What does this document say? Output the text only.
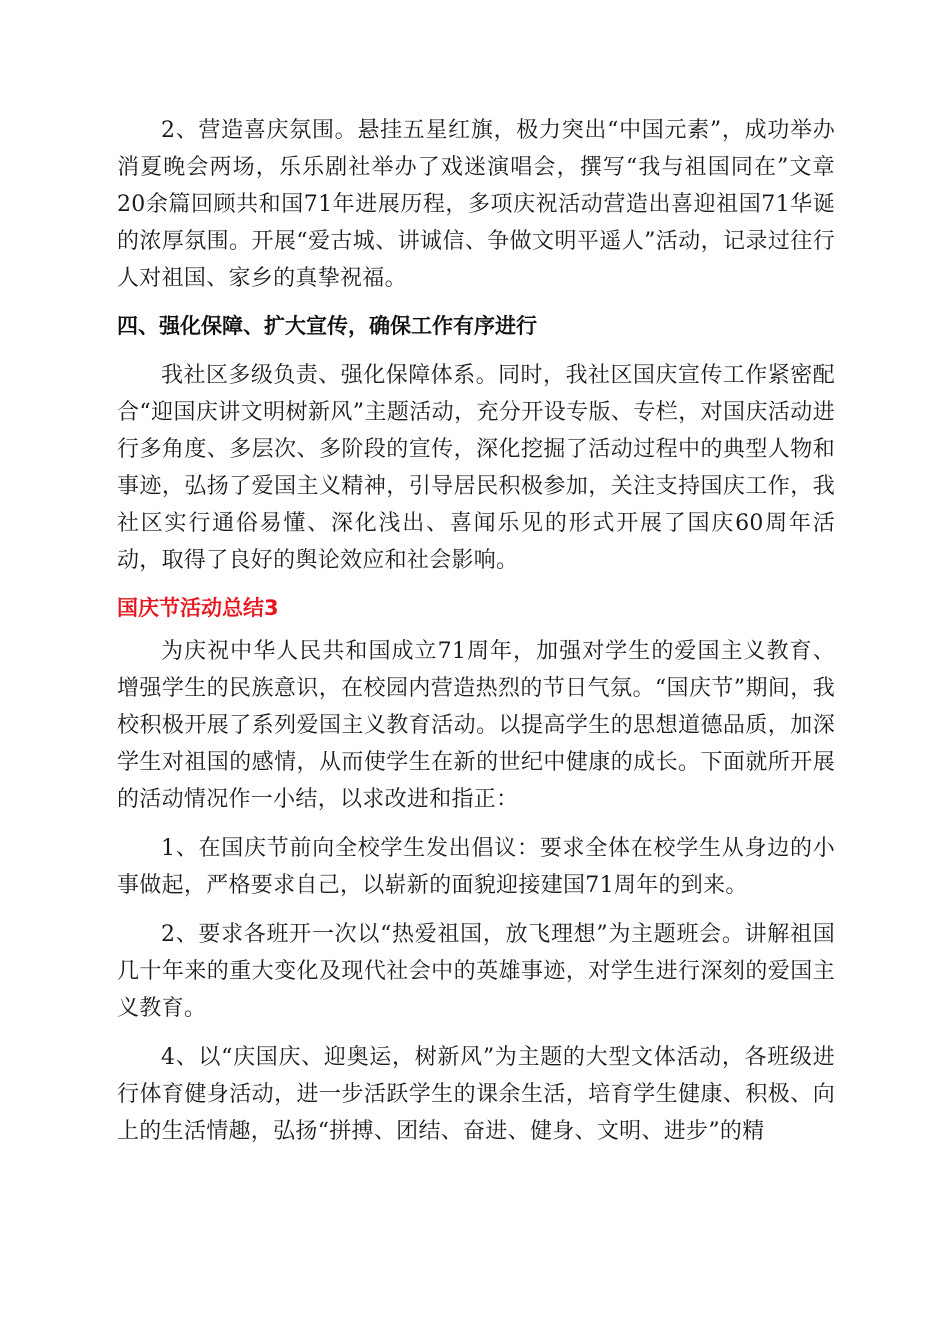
2、营造喜庆氛围。悬挂五星红旗，极力突出“中国元素”，成功举办消夏晚会两场，乐乐剧社举办了戏迷演唱会，撰写“我与祖国同在”文章20余篇回顾共和国71年进展历程，多项庆祝活动营造出喜迎祖国71华诞的浓厚氛围。开展“爱古城、讲诚信、争做文明平遥人”活动，记录过往行人对祖国、家乡的真挚祝福。

四、强化保障、扩大宣传，确保工作有序进行

我社区多级负责、强化保障体系。同时，我社区国庆宣传工作紧密配合“迎国庆讲文明树新风”主题活动，充分开设专版、专栏，对国庆活动进行多角度、多层次、多阶段的宣传，深化挖掘了活动过程中的典型人物和事迹，弘扬了爱国主义精神，引导居民积极参加，关注支持国庆工作，我社区实行通俗易懂、深化浅出、喜闻乐见的形式开展了国庆60周年活动，取得了良好的舆论效应和社会影响。

国庆节活动总结3

为庆祝中华人民共和国成立71周年，加强对学生的爱国主义教育、增强学生的民族意识，在校园内营造热烈的节日气氛。“国庆节”期间，我校积极开展了系列爱国主义教育活动。以提高学生的思想道德品质，加深学生对祖国的感情，从而使学生在新的世纪中健康的成长。下面就所开展的活动情况作一小结，以求改进和指正：

1、在国庆节前向全校学生发出倡议：要求全体在校学生从身边的小事做起，严格要求自己，以崭新的面貌迎接建国71周年的到来。

2、要求各班开一次以“热爱祖国，放飞理想”为主题班会。讲解祖国几十年来的重大变化及现代社会中的英雄事迹，对学生进行深刻的爱国主义教育。

4、以“庆国庆、迎奥运，树新风”为主题的大型文体活动，各班级进行体育健身活动，进一步活跃学生的课余生活，培育学生健康、积极、向上的生活情趣，弘扬“拼搏、团结、奋进、健身、文明、进步”的精
